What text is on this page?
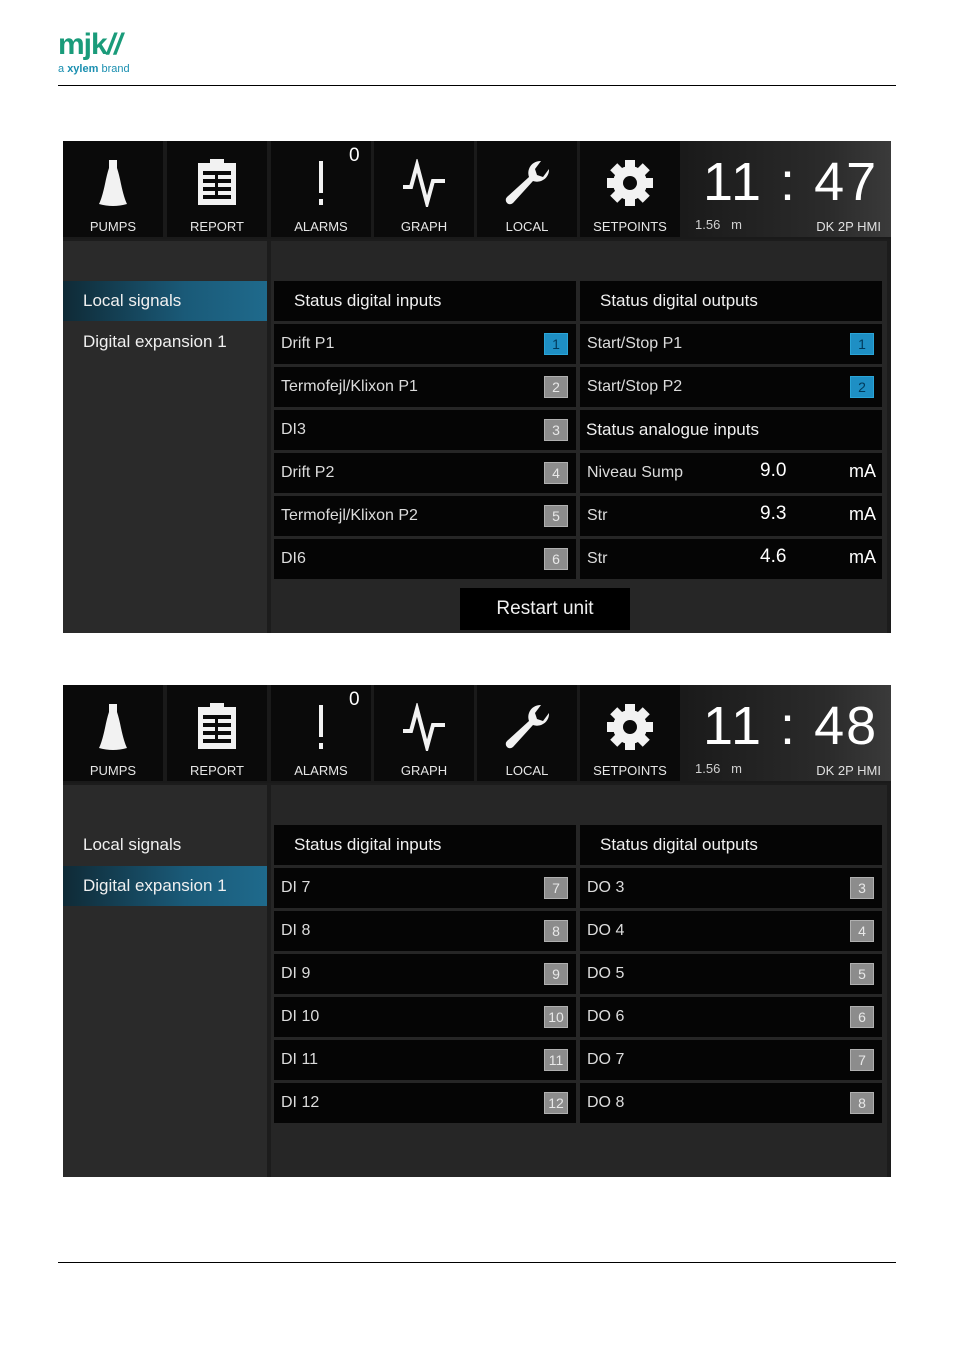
mjk//
a xylem brand
PUMPS	REPORT
0
ALARMS	GRAPH	LOCAL	SETPOINTS
11 : 47
1.56 m	DK 2P HMI
Local signals
Digital expansion 1
Status digital inputs
Drift P1	1
Termofejl/Klixon P1	2
DI3	3
Drift P2	4
Termofejl/Klixon P2	5
DI6	6
Status digital outputs
Start/Stop P1	1
Start/Stop P2	2
Status analogue inputs
Niveau Sump	9.0	mA
Str	9.3	mA
Str	4.6	mA
Restart unit
PUMPS	REPORT
0
ALARMS	GRAPH	LOCAL	SETPOINTS
11 : 48
1.56 m	DK 2P HMI
Local signals
Digital expansion 1
Status digital inputs
DI 7	7
DI 8	8
DI 9	9
DI 10	10
DI 11	11
DI 12	12
Status digital outputs
DO 3	3
DO 4	4
DO 5	5
DO 6	6
DO 7	7
DO 8	8
